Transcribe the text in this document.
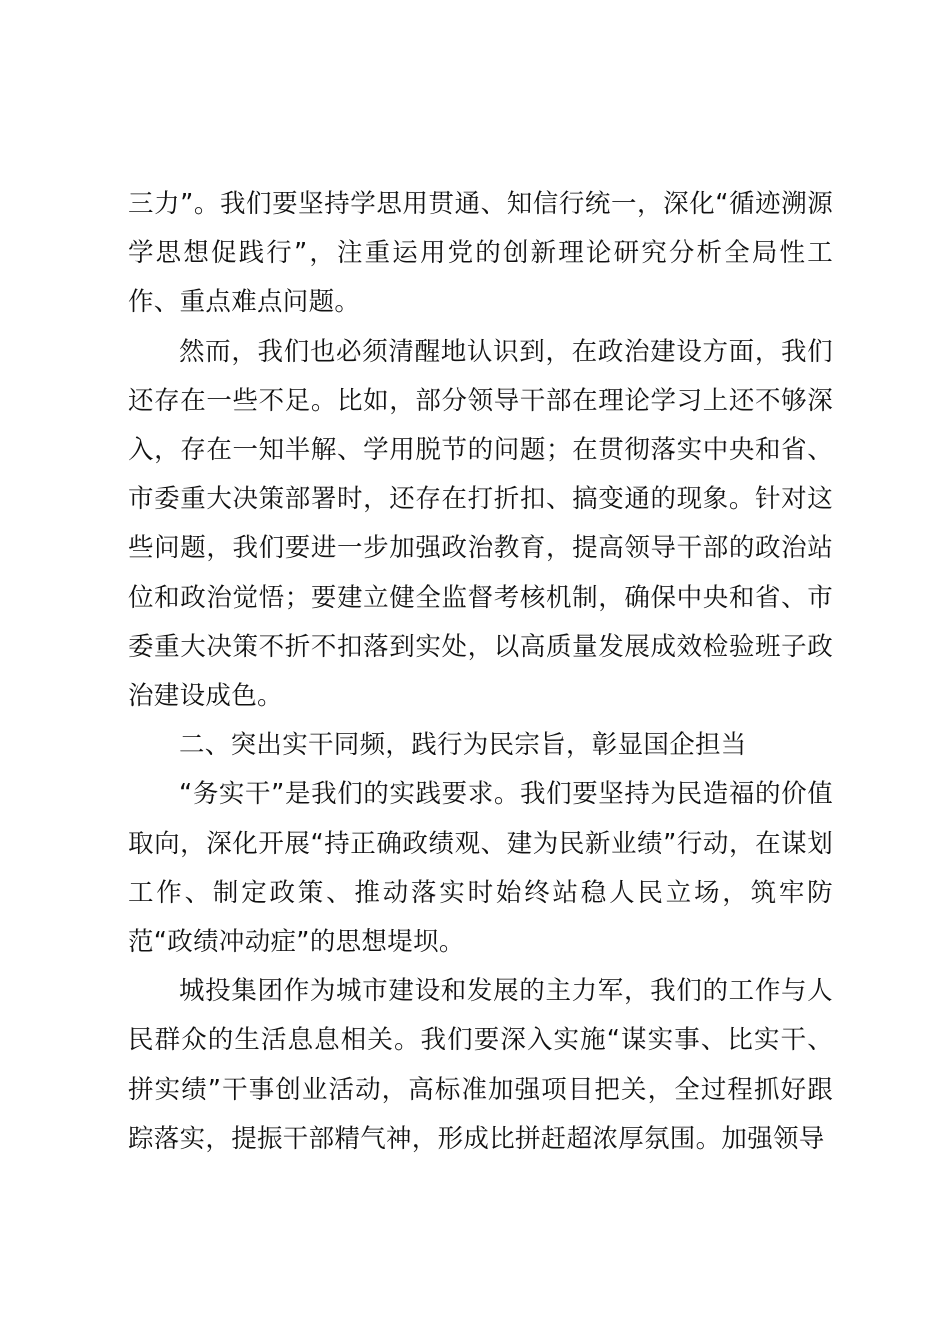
三力”。我们要坚持学思用贯通、知信行统一，深化“循迹溯源学思想促践行”，注重运用党的创新理论研究分析全局性工作、重点难点问题。

然而，我们也必须清醒地认识到，在政治建设方面，我们还存在一些不足。比如，部分领导干部在理论学习上还不够深入，存在一知半解、学用脱节的问题；在贯彻落实中央和省、市委重大决策部署时，还存在打折扣、搞变通的现象。针对这些问题，我们要进一步加强政治教育，提高领导干部的政治站位和政治觉悟；要建立健全监督考核机制，确保中央和省、市委重大决策不折不扣落到实处，以高质量发展成效检验班子政治建设成色。

二、突出实干同频，践行为民宗旨，彰显国企担当

“务实干”是我们的实践要求。我们要坚持为民造福的价值取向，深化开展“持正确政绩观、建为民新业绩”行动，在谋划工作、制定政策、推动落实时始终站稳人民立场，筑牢防范“政绩冲动症”的思想堤坝。

城投集团作为城市建设和发展的主力军，我们的工作与人民群众的生活息息相关。我们要深入实施“谋实事、比实干、拼实绩”干事创业活动，高标准加强项目把关，全过程抓好跟踪落实，提振干部精气神，形成比拼赶超浓厚氛围。加强领导
